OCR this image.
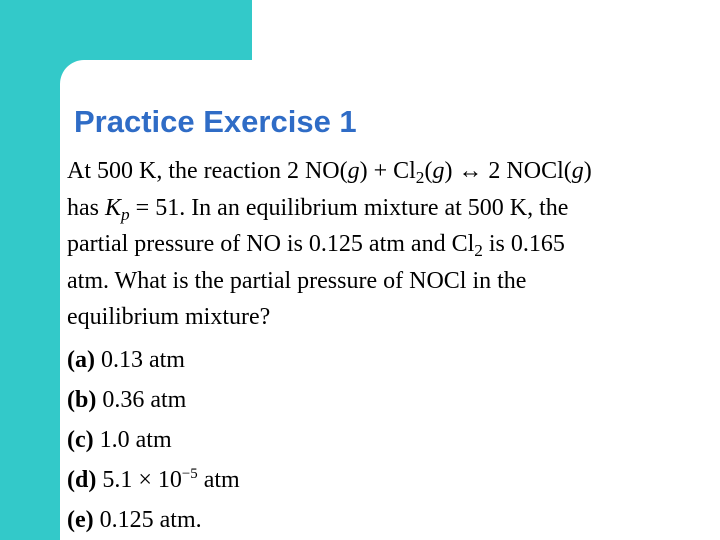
Practice Exercise 1
At 500 K, the reaction 2 $NO(g) + Cl_2(g)$ ↔ 2 NOCl(g)
has $K_p = 51$. In an equilibrium mixture at 500 K, the
partial pressure of NO is 0.125 atm and $Cl_2$ is 0.165
atm. What is the partial pressure of NOCl in the
equilibrium mixture?
(a) 0.13 atm
(b) 0.36 atm
(c) 1.0 atm
(d) $5.1 \times 10^{-5}$ atm
(e) 0.125 atm.
